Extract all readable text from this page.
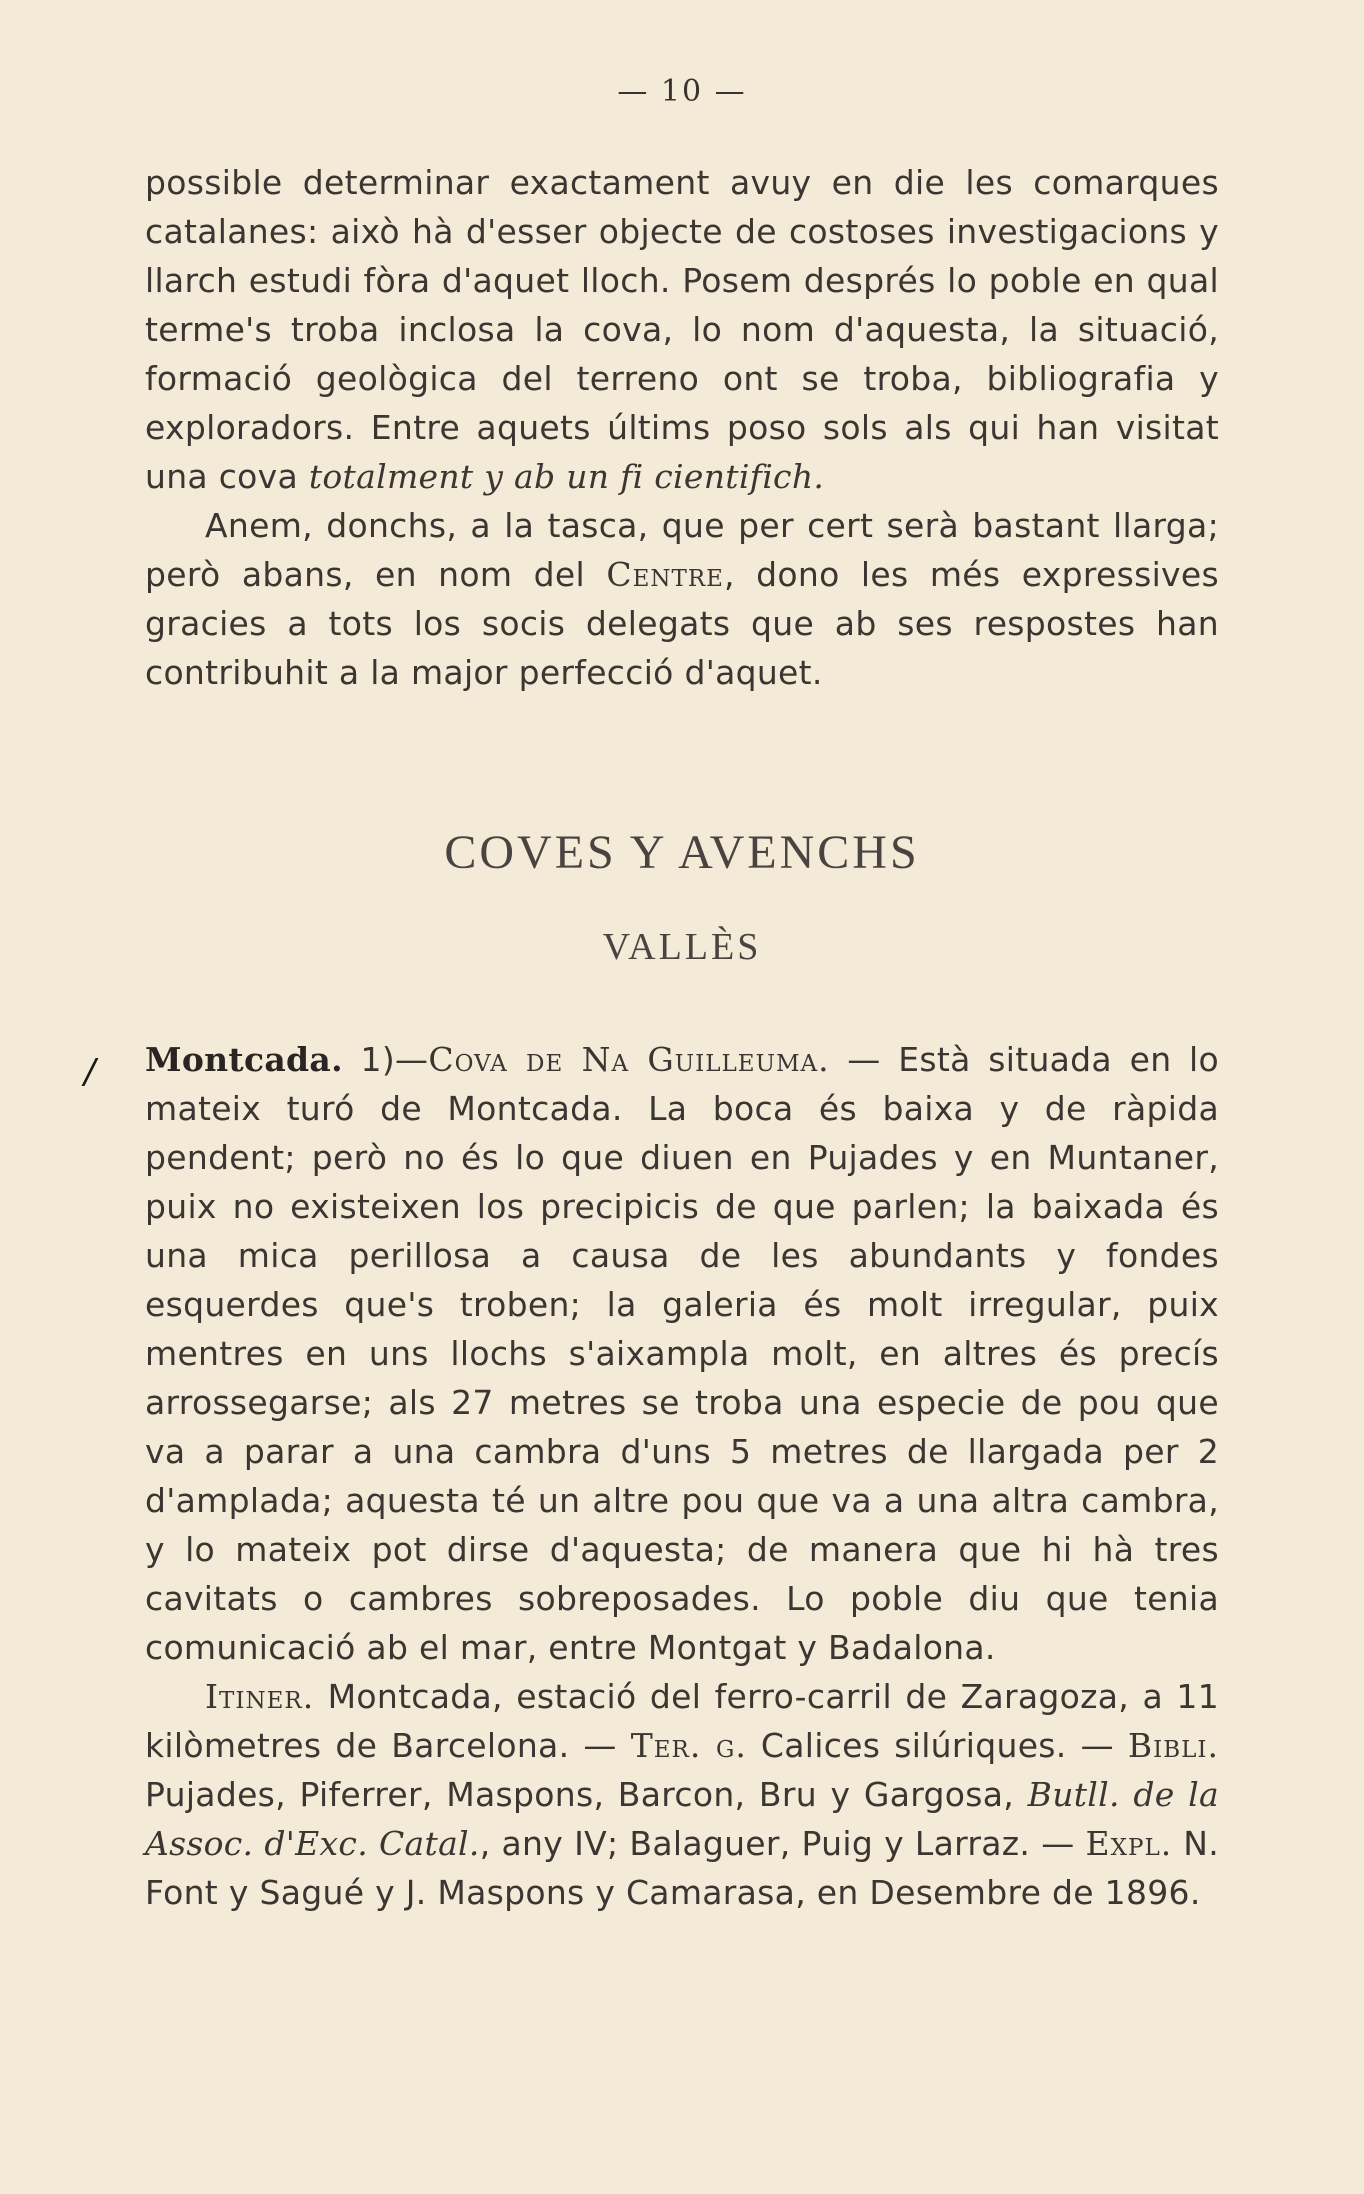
— 10 —

possible determinar exactament avuy en die les comarques catalanes: això hà d'esser objecte de costoses investigacions y llarch estudi fòra d'aquet lloch. Posem després lo poble en qual terme's troba inclosa la cova, lo nom d'aquesta, la situació, formació geològica del terreno ont se troba, bibliografia y exploradors. Entre aquets últims poso sols als qui han visitat una cova totalment y ab un fi cientifich.

Anem, donchs, a la tasca, que per cert serà bastant llarga; però abans, en nom del Centre, dono les més expressives gracies a tots los socis delegats que ab ses respostes han contribuhit a la major perfecció d'aquet.

COVES Y AVENCHS
VALLÈS
/ Montcada. 1)—Cova de Na Guilleuma. — Està situada en lo mateix turó de Montcada. La boca és baixa y de ràpida pendent; però no és lo que diuen en Pujades y en Muntaner, puix no existeixen los precipicis de que parlen; la baixada és una mica perillosa a causa de les abundants y fondes esquerdes que's troben; la galeria és molt irregular, puix mentres en uns llochs s'aixampla molt, en altres és precís arrossegarse; als 27 metres se troba una especie de pou que va a parar a una cambra d'uns 5 metres de llargada per 2 d'amplada; aquesta té un altre pou que va a una altra cambra, y lo mateix pot dirse d'aquesta; de manera que hi hà tres cavitats o cambres sobreposades. Lo poble diu que tenia comunicació ab el mar, entre Montgat y Badalona.

Itiner. Montcada, estació del ferro-carril de Zaragoza, a 11 kilòmetres de Barcelona. — Ter. g. Calices silúriques. — Bibli. Pujades, Piferrer, Maspons, Barcon, Bru y Gargosa, Butll. de la Assoc. d'Exc. Catal., any IV; Balaguer, Puig y Larraz. — Expl. N. Font y Sagué y J. Maspons y Camarasa, en Desembre de 1896.
